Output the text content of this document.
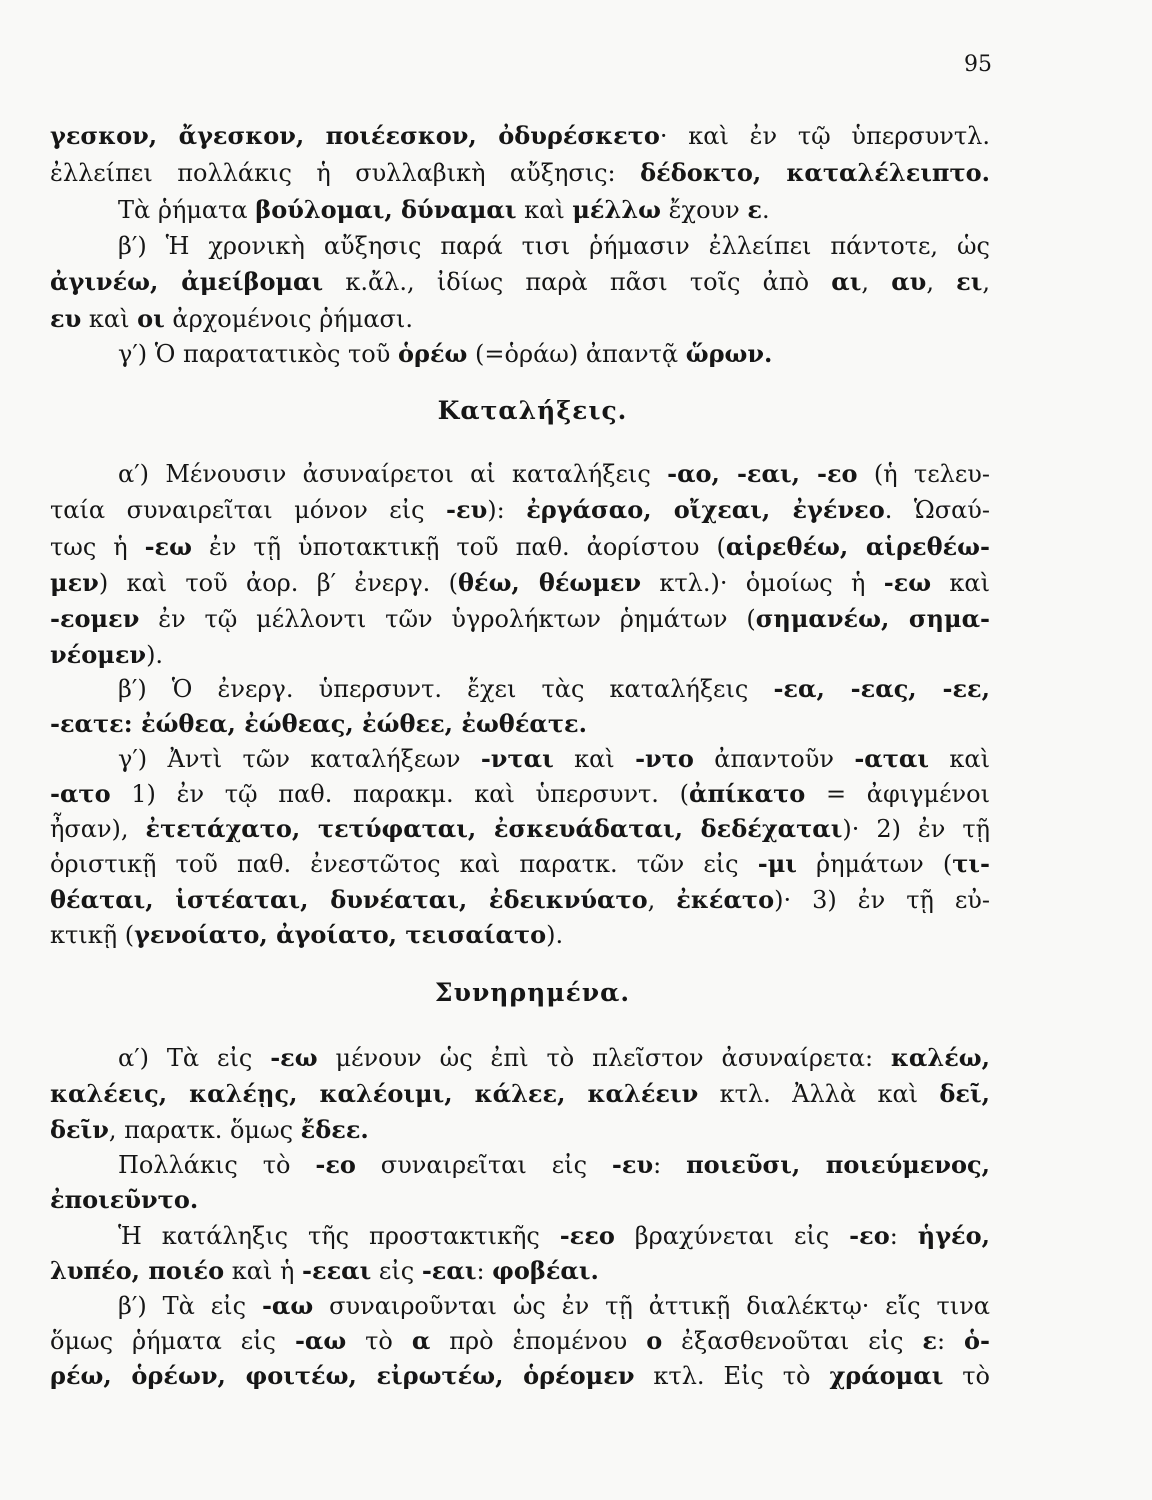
95
γεσκον, ἄγεσκον, ποιέεσκον, ὀδυρέσκετο· καὶ ἐν τῷ ὑπερσυντλ.
ἐλλείπει πολλάκις ἡ συλλαβικὴ αὔξησις: δέδοκτο, καταλέλειπτο.
Τὰ ῥήματα βούλομαι, δύναμαι καὶ μέλλω ἔχουν ε.
β′) Ἡ χρονικὴ αὔξησις παρά τισι ῥήμασιν ἐλλείπει πάντοτε, ὡς
ἀγινέω, ἀμείβομαι κ.ἄλ., ἰδίως παρὰ πᾶσι τοῖς ἀπὸ αι, αυ, ει,
ευ καὶ οι ἀρχομένοις ῥήμασι.
γ′) Ὁ παρατατικὸς τοῦ ὁρέω (=ὁράω) ἀπαντᾷ ὥρων.
Καταλήξεις.
α′) Μένουσιν ἀσυναίρετοι αἱ καταλήξεις -αο, -εαι, -εο (ἡ τελευ-
ταία συναιρεῖται μόνον εἰς -ευ): ἐργάσαο, οἴχεαι, ἐγένεο. Ὡσαύ-
τως ἡ -εω ἐν τῇ ὑποτακτικῇ τοῦ παθ. ἀορίστου (αἱρεθέω, αἱρεθέω-
μεν) καὶ τοῦ ἀορ. β′ ἐνεργ. (θέω, θέωμεν κτλ.)· ὁμοίως ἡ -εω καὶ
-εομεν ἐν τῷ μέλλοντι τῶν ὑγρολήκτων ῥημάτων (σημανέω, σημα-
νέομεν).
β′) Ὁ ἐνεργ. ὑπερσυντ. ἔχει τὰς καταλήξεις -εα, -εας, -εε,
-εατε: ἐώθεα, ἐώθεας, ἐώθεε, ἐωθέατε.
γ′) Ἀντὶ τῶν καταλήξεων -νται καὶ -ντο ἀπαντοῦν -αται καὶ
-ατο 1) ἐν τῷ παθ. παρακμ. καὶ ὑπερσυντ. (ἀπίκατο = ἀφιγμένοι
ἦσαν), ἐτετάχατο, τετύφαται, ἐσκευάδαται, δεδέχαται)· 2) ἐν τῇ
ὁριστικῇ τοῦ παθ. ἐνεστῶτος καὶ παρατκ. τῶν εἰς -μι ῥημάτων (τι-
θέαται, ἱστέαται, δυνέαται, ἐδεικνύατο, ἐκέατο)· 3) ἐν τῇ εὐ-
κτικῇ (γενοίατο, ἀγοίατο, τεισαίατο).
Συνηρημένα.
α′) Τὰ εἰς -εω μένουν ὡς ἐπὶ τὸ πλεῖστον ἀσυναίρετα: καλέω,
καλέεις, καλέῃς, καλέοιμι, κάλεε, καλέειν κτλ. Ἀλλὰ καὶ δεῖ,
δεῖν, παρατκ. ὅμως ἔδεε.
Πολλάκις τὸ -εο συναιρεῖται εἰς -ευ: ποιεῦσι, ποιεύμενος,
ἐποιεῦντο.
Ἡ κατάληξις τῆς προστακτικῆς -εεο βραχύνεται εἰς -εο: ἡγέο,
λυπέο, ποιέο καὶ ἡ -εεαι εἰς -εαι: φοβέαι.
β′) Τὰ εἰς -αω συναιροῦνται ὡς ἐν τῇ ἀττικῇ διαλέκτῳ· εἴς τινα
ὅμως ῥήματα εἰς -αω τὸ α πρὸ ἑπομένου ο ἐξασθενοῦται εἰς ε: ὁ-
ρέω, ὁρέων, φοιτέω, εἰρωτέω, ὁρέομεν κτλ. Εἰς τὸ χράομαι τὸ
